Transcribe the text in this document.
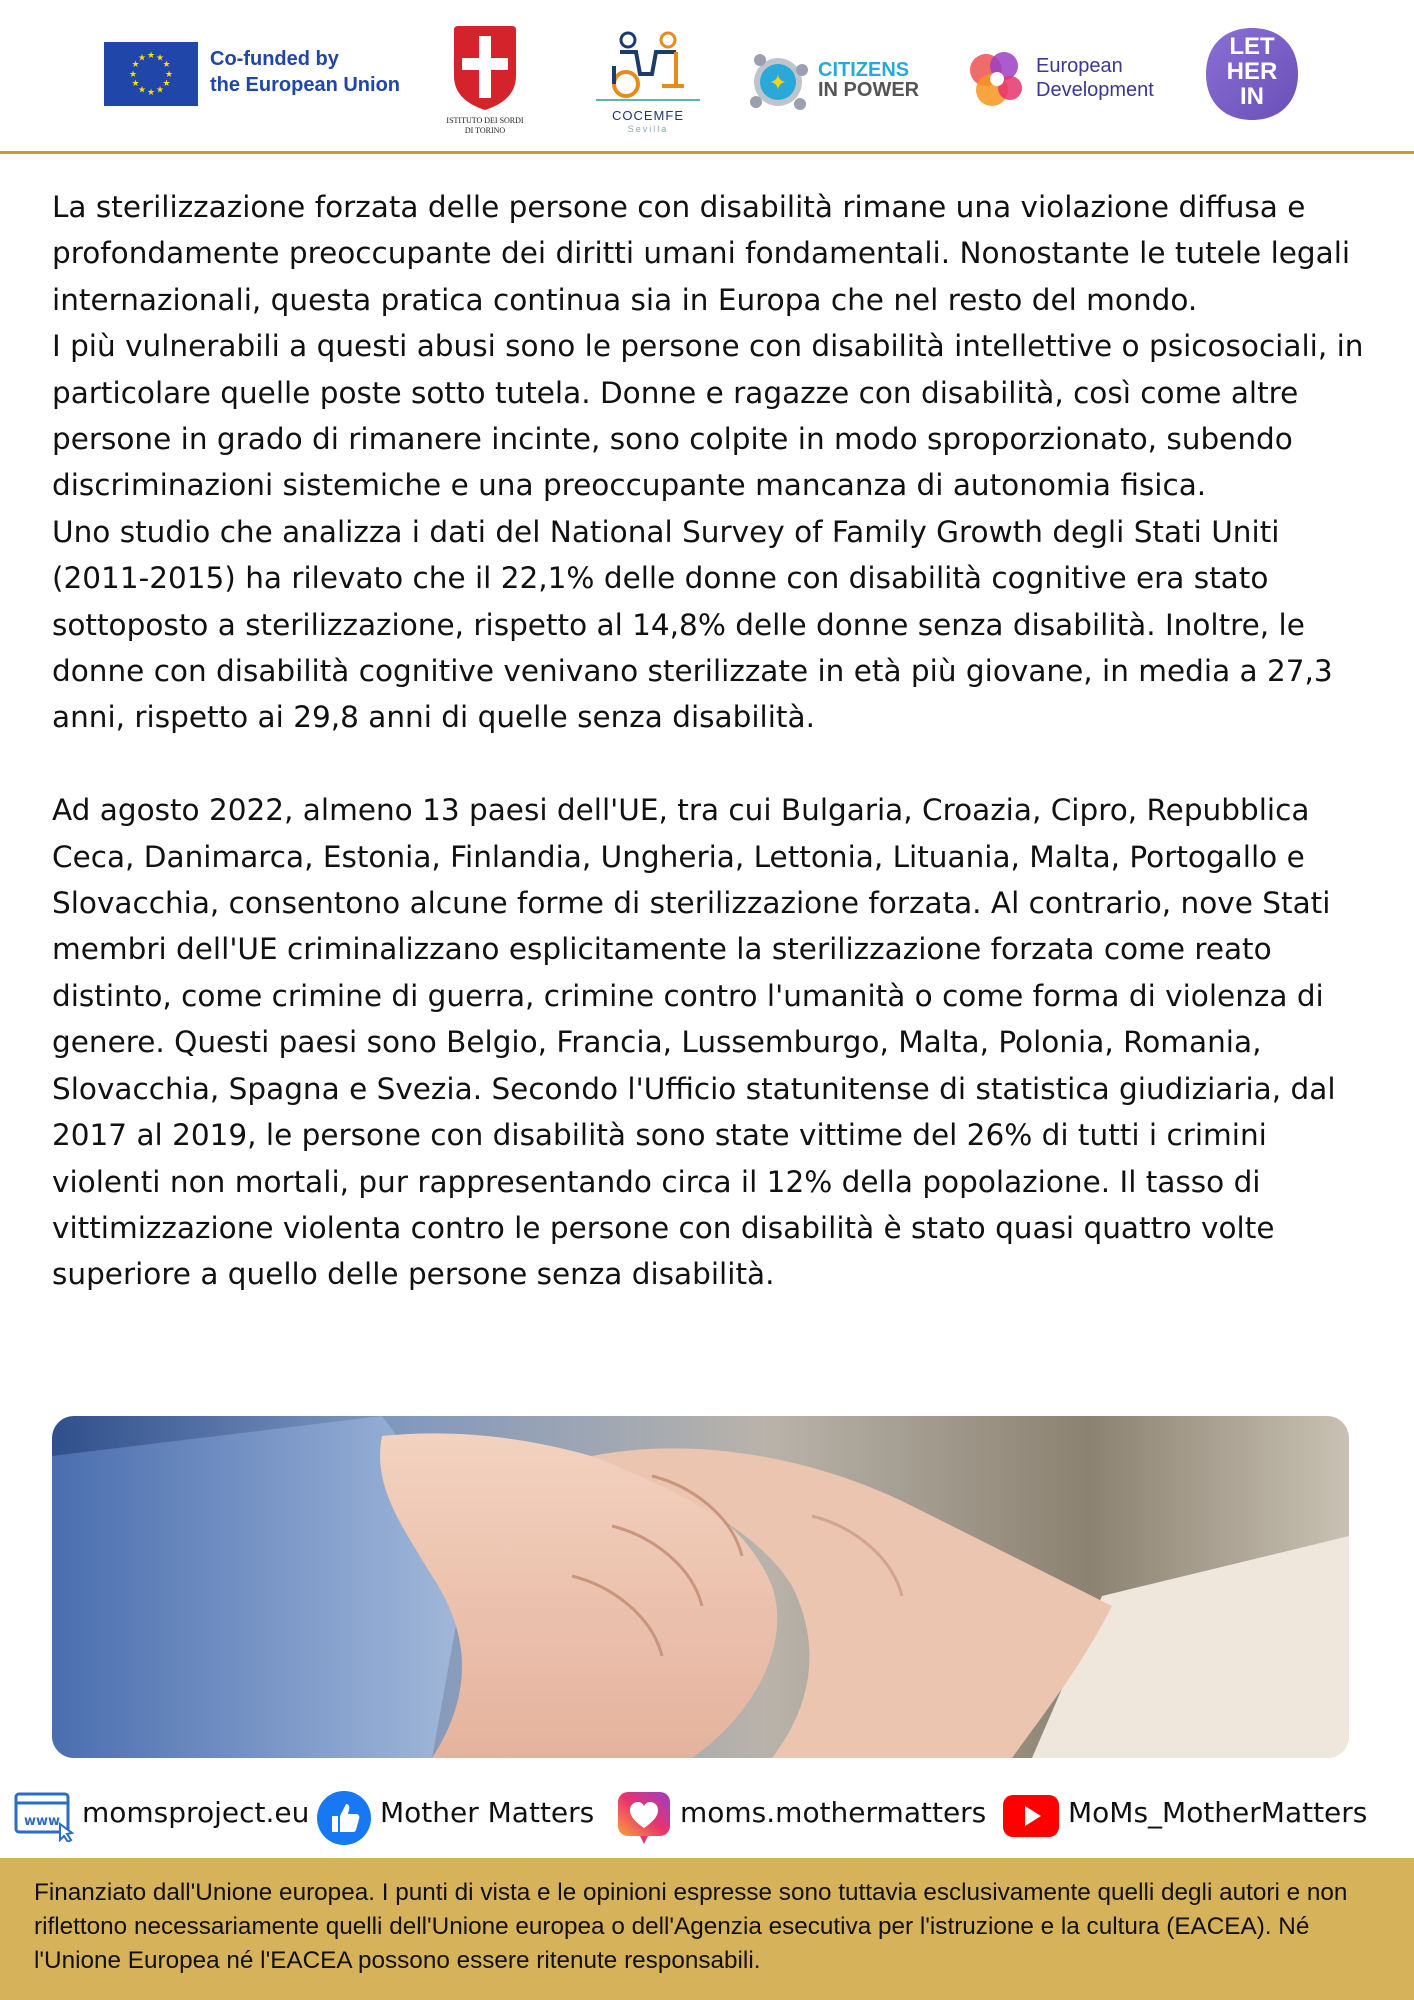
★ ★
★
★
★
★
★
★
★
★
★
★	Co-funded by
the European Union
ISTITUTO DEI SORDI
DI TORINO
COCEMFE
Sevilla
✦
CITIZENS
IN POWER
European
Development
LET
HER
IN

La sterilizzazione forzata delle persone con disabilità rimane una violazione diffusa e profondamente preoccupante dei diritti umani fondamentali. Nonostante le tutele legali internazionali, questa pratica continua sia in Europa che nel resto del mondo.

I più vulnerabili a questi abusi sono le persone con disabilità intellettive o psicosociali, in particolare quelle poste sotto tutela. Donne e ragazze con disabilità, così come altre persone in grado di rimanere incinte, sono colpite in modo sproporzionato, subendo discriminazioni sistemiche e una preoccupante mancanza di autonomia fisica.

Uno studio che analizza i dati del National Survey of Family Growth degli Stati Uniti (2011-2015) ha rilevato che il 22,1% delle donne con disabilità cognitive era stato sottoposto a sterilizzazione, rispetto al 14,8% delle donne senza disabilità. Inoltre, le donne con disabilità cognitive venivano sterilizzate in età più giovane, in media a 27,3 anni, rispetto ai 29,8 anni di quelle senza disabilità.

Ad agosto 2022, almeno 13 paesi dell'UE, tra cui Bulgaria, Croazia, Cipro, Repubblica Ceca, Danimarca, Estonia, Finlandia, Ungheria, Lettonia, Lituania, Malta, Portogallo e Slovacchia, consentono alcune forme di sterilizzazione forzata. Al contrario, nove Stati membri dell'UE criminalizzano esplicitamente la sterilizzazione forzata come reato distinto, come crimine di guerra, crimine contro l'umanità o come forma di violenza di genere. Questi paesi sono Belgio, Francia, Lussemburgo, Malta, Polonia, Romania, Slovacchia, Spagna e Svezia. Secondo l'Ufficio statunitense di statistica giudiziaria, dal 2017 al 2019, le persone con disabilità sono state vittime del 26% di tutti i crimini violenti non mortali, pur rappresentando circa il 12% della popolazione. Il tasso di vittimizzazione violenta contro le persone con disabilità è stato quasi quattro volte superiore a quello delle persone senza disabilità.

www momsproject.eu	Mother Matters	moms.mothermatters	MoMs_MotherMatters

Finanziato dall'Unione europea. I punti di vista e le opinioni espresse sono tuttavia esclusivamente quelli degli autori e non riflettono necessariamente quelli dell'Unione europea o dell'Agenzia esecutiva per l'istruzione e la cultura (EACEA). Né l'Unione Europea né l'EACEA possono essere ritenute responsabili.
